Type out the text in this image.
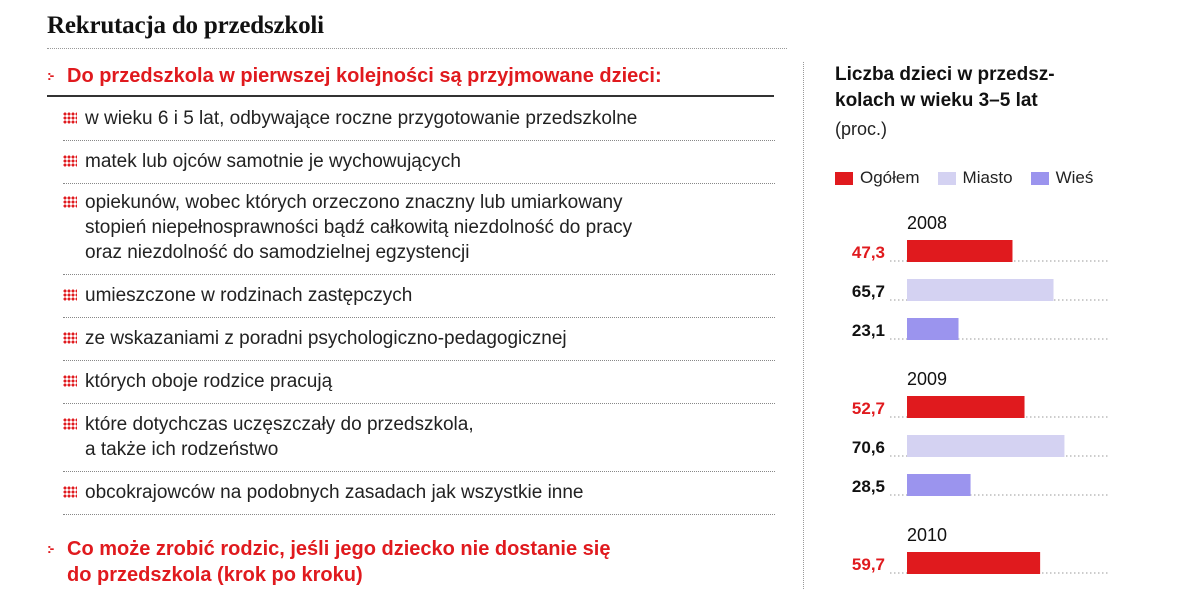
Rekrutacja do przedszkoli
:- Do przedszkola w pierwszej kolejności są przyjmowane dzieci:
w wieku 6 i 5 lat, odbywające roczne przygotowanie przedszkolne
matek lub ojców samotnie je wychowujących
opiekunów, wobec których orzeczono znaczny lub umiarkowany
stopień niepełnosprawności bądź całkowitą niezdolność do pracy
oraz niezdolność do samodzielnej egzystencji
umieszczone w rodzinach zastępczych
ze wskazaniami z poradni psychologiczno-pedagogicznej
których oboje rodzice pracują
które dotychczas uczęszczały do przedszkola,
a także ich rodzeństwo
obcokrajowców na podobnych zasadach jak wszystkie inne
:- Co może zrobić rodzic, jeśli jego dziecko nie dostanie się
do przedszkola (krok po kroku)
Liczba dzieci w przedsz-
kolach w wieku 3–5 lat
(proc.)
Ogółem	Miasto	Wieś
2008
47,3
65,7
23,1
2009
52,7
70,6
28,5
2010
59,7
